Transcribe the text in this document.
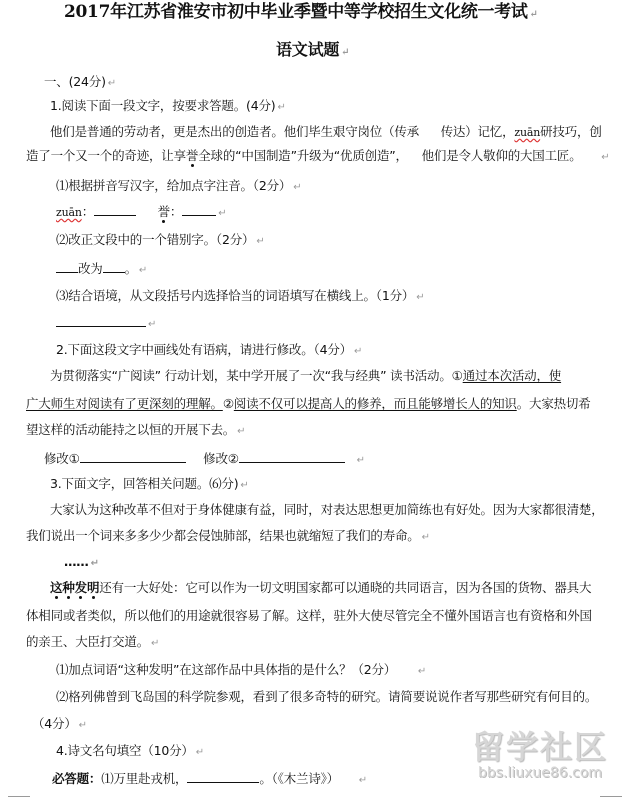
2017年江苏省淮安市初中毕业季暨中等学校招生文化统一考试 ↵
语文试题 ↵
一、(24分) ↵
1.阅读下面一段文字，按要求答题。(4分) ↵
他们是普通的劳动者，更是杰出的创造者。他们毕生艰守岗位（传承 传达）记忆，zuān研技巧，创
造了一个又一个的奇迹，让享誉全球的“中国制造”升级为“优质创造”， 他们是令人敬仰的大国工匠。 ↵
⑴根据拼音写汉字，给加点字注音。（2分） ↵
zuān：	誉：	↵
⑵改正文段中的一个错别字。（2分） ↵
改为 。 ↵
⑶结合语境，从文段括号内选择恰当的词语填写在横线上。（1分） ↵
↵
2.下面这段文字中画线处有语病，请进行修改。（4分） ↵
为贯彻落实“广阅读” 行动计划，某中学开展了一次“我与经典” 读书活动。①通过本次活动，使
广大师生对阅读有了更深刻的理解。②阅读不仅可以提高人的修养，而且能够增长人的知识。大家热切希
望这样的活动能持之以恒的开展下去。 ↵
修改①	修改②	↵
3.下面文字，回答相关问题。⑹分) ↵
大家认为这种改革不但对于身体健康有益，同时，对表达思想更加简练也有好处。因为大家都很清楚，
我们说出一个词来多多少少都会侵蚀肺部，结果也就缩短了我们的寿命。 ↵
…… ↵
这种发明还有一大好处：它可以作为一切文明国家都可以通晓的共同语言，因为各国的货物、器具大
体相同或者类似，所以他们的用途就很容易了解。这样，驻外大使尽管完全不懂外国语言也有资格和外国
的亲王、大臣打交道。 ↵
⑴加点词语“这种发明”在这部作品中具体指的是什么？（2分） ↵
⑵格列佛曾到飞岛国的科学院参观，看到了很多奇特的研究。请简要说说作者写那些研究有何目的。
（4分） ↵
4.诗文名句填空（10分） ↵
必答题：⑴万里赴戎机，	。（《木兰诗》） ↵
留学社区
bbs.liuxue86.com
